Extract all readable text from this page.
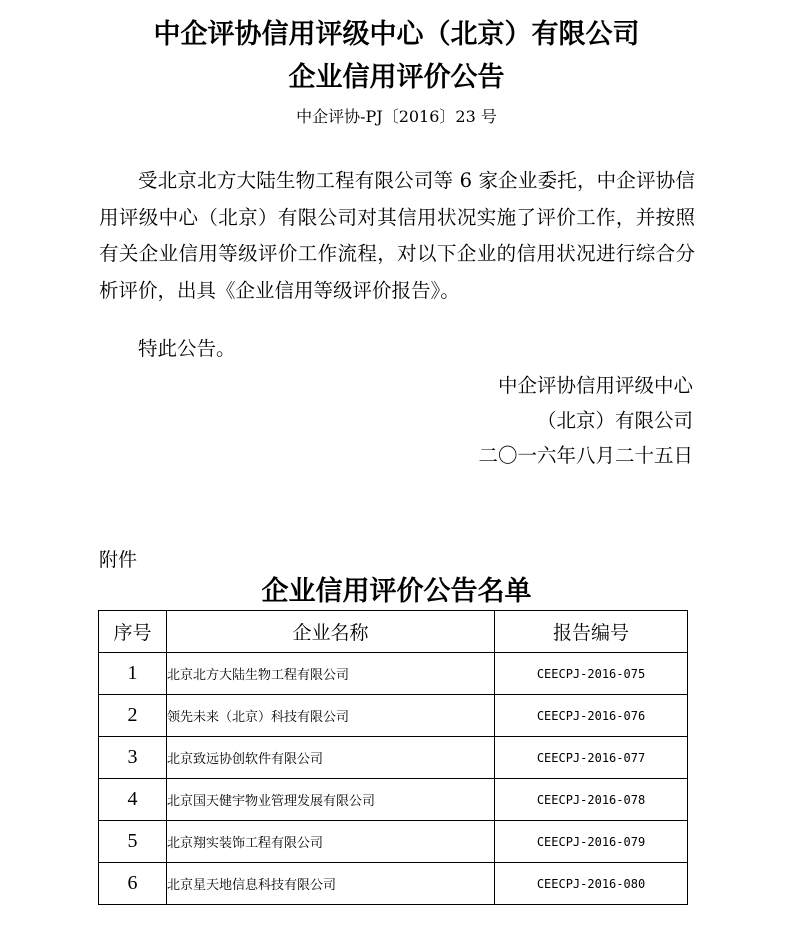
中企评协信用评级中心（北京）有限公司
企业信用评价公告
中企评协-PJ〔2016〕23 号

受北京北方大陆生物工程有限公司等 6 家企业委托，中企评协信用评级中心（北京）有限公司对其信用状况实施了评价工作，并按照有关企业信用等级评价工作流程，对以下企业的信用状况进行综合分析评价，出具《企业信用等级评价报告》。

特此公告。
中企评协信用评级中心
（北京）有限公司
二〇一六年八月二十五日
附件
企业信用评价公告名单
序号	企业名称	报告编号
1	北京北方大陆生物工程有限公司	CEECPJ-2016-075
2	领先未来（北京）科技有限公司	CEECPJ-2016-076
3	北京致远协创软件有限公司	CEECPJ-2016-077
4	北京国天健宇物业管理发展有限公司	CEECPJ-2016-078
5	北京翔实装饰工程有限公司	CEECPJ-2016-079
6	北京星天地信息科技有限公司	CEECPJ-2016-080
